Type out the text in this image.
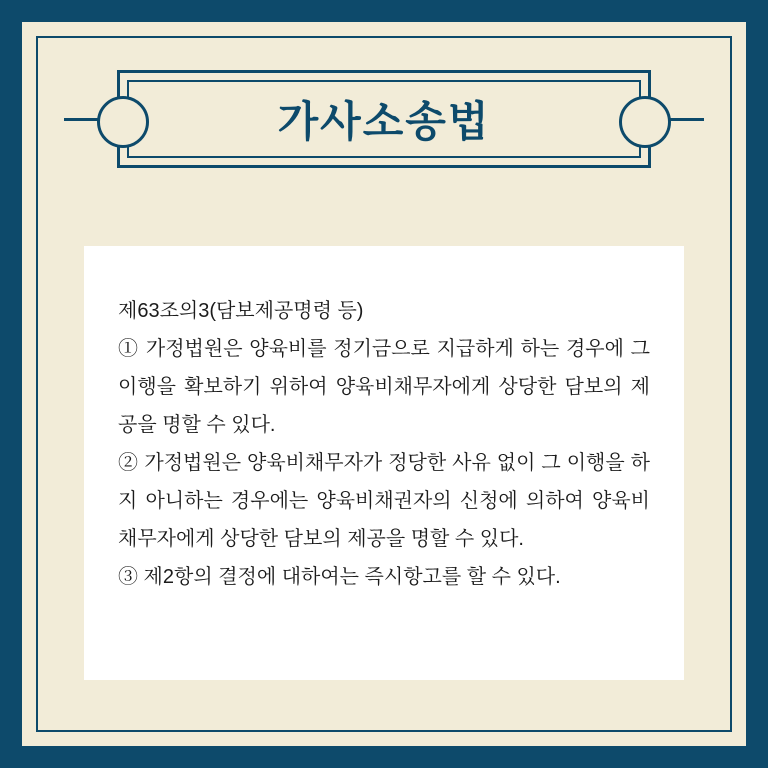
가사소송법

제63조의3(담보제공명령 등)

① 가정법원은 양육비를 정기금으로 지급하게 하는 경우에 그 이행을 확보하기 위하여 양육비채무자에게 상당한 담보의 제공을 명할 수 있다.

② 가정법원은 양육비채무자가 정당한 사유 없이 그 이행을 하지 아니하는 경우에는 양육비채권자의 신청에 의하여 양육비채무자에게 상당한 담보의 제공을 명할 수 있다.

③ 제2항의 결정에 대하여는 즉시항고를 할 수 있다.
